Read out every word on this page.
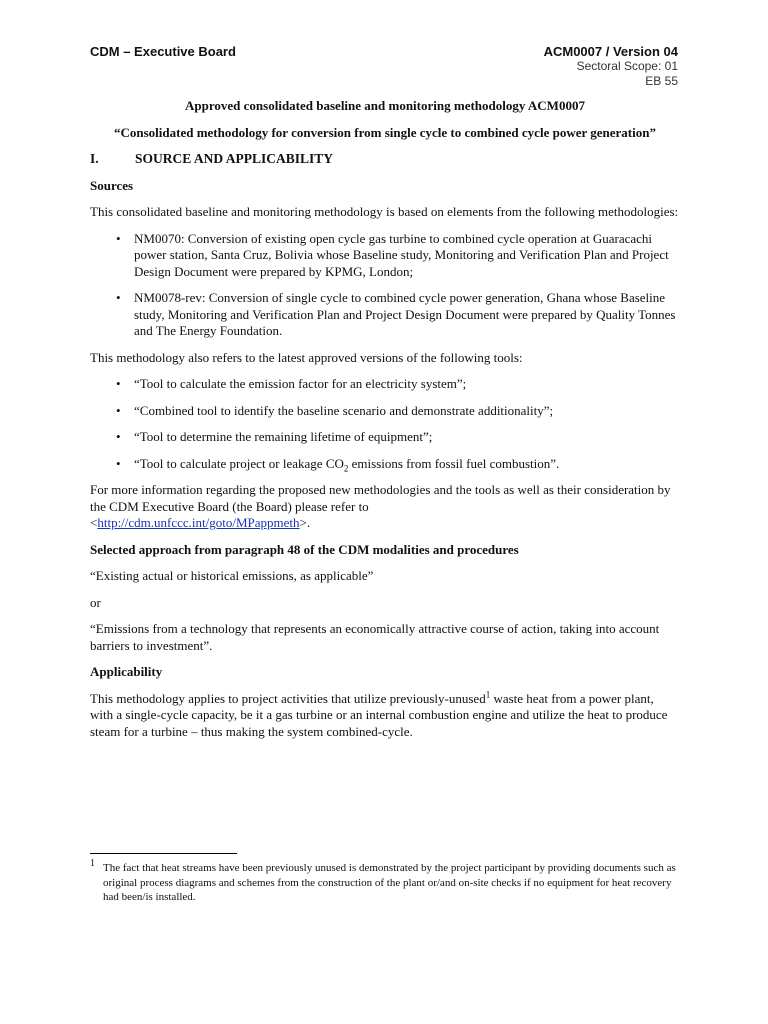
CDM – Executive Board	ACM0007 / Version 04
Sectoral Scope: 01
EB 55
Approved consolidated baseline and monitoring methodology ACM0007
“Consolidated methodology for conversion from single cycle to combined cycle power generation”
I.	SOURCE AND APPLICABILITY
Sources

This consolidated baseline and monitoring methodology is based on elements from the following methodologies:

•	NM0070: Conversion of existing open cycle gas turbine to combined cycle operation at Guaracachi power station, Santa Cruz, Bolivia whose Baseline study, Monitoring and Verification Plan and Project Design Document were prepared by KPMG, London;
•	NM0078-rev: Conversion of single cycle to combined cycle power generation, Ghana whose Baseline study, Monitoring and Verification Plan and Project Design Document were prepared by Quality Tonnes and The Energy Foundation.

This methodology also refers to the latest approved versions of the following tools:

•	“Tool to calculate the emission factor for an electricity system”;
•	“Combined tool to identify the baseline scenario and demonstrate additionality”;
•	“Tool to determine the remaining lifetime of equipment”;
•	“Tool to calculate project or leakage $CO_2$ emissions from fossil fuel combustion”.

For more information regarding the proposed new methodologies and the tools as well as their consideration by the CDM Executive Board (the Board) please refer to
<http://cdm.unfccc.int/goto/MPappmeth>.

Selected approach from paragraph 48 of the CDM modalities and procedures

“Existing actual or historical emissions, as applicable”

or

“Emissions from a technology that represents an economically attractive course of action, taking into account barriers to investment”.

Applicability

This methodology applies to project activities that utilize previously-unused$^1$ waste heat from a power plant, with a single-cycle capacity, be it a gas turbine or an internal combustion engine and utilize the heat to produce steam for a turbine – thus making the system combined-cycle.

1 The fact that heat streams have been previously unused is demonstrated by the project participant by providing documents such as original process diagrams and schemes from the construction of the plant or/and on-site checks if no equipment for heat recovery had been/is installed.
